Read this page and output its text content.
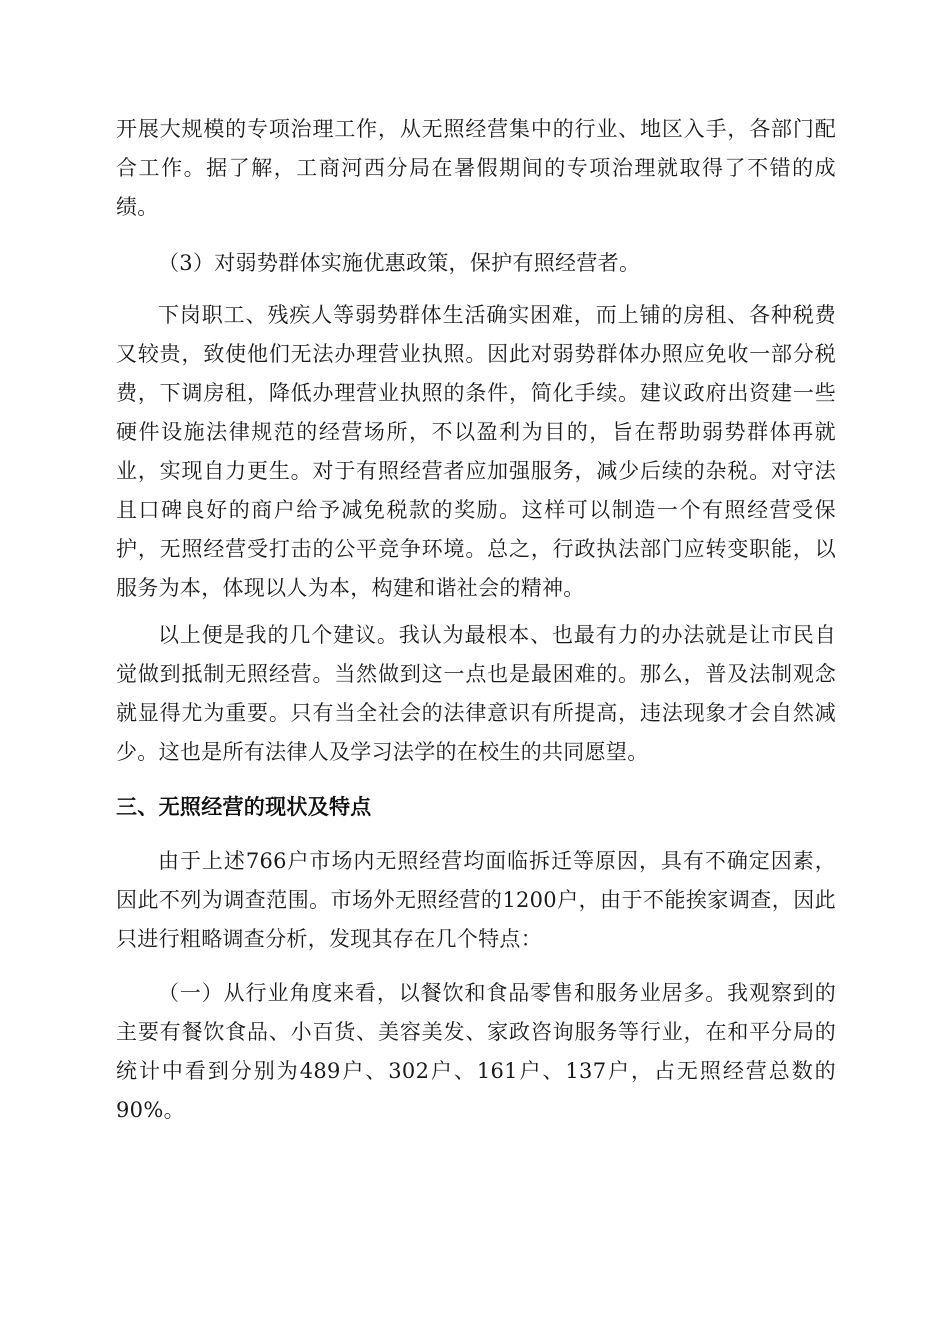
开展大规模的专项治理工作，从无照经营集中的行业、地区入手，各部门配合工作。据了解，工商河西分局在暑假期间的专项治理就取得了不错的成绩。

（3）对弱势群体实施优惠政策，保护有照经营者。

下岗职工、残疾人等弱势群体生活确实困难，而上铺的房租、各种税费又较贵，致使他们无法办理营业执照。因此对弱势群体办照应免收一部分税费，下调房租，降低办理营业执照的条件，简化手续。建议政府出资建一些硬件设施法律规范的经营场所，不以盈利为目的，旨在帮助弱势群体再就业，实现自力更生。对于有照经营者应加强服务，减少后续的杂税。对守法且口碑良好的商户给予减免税款的奖励。这样可以制造一个有照经营受保护，无照经营受打击的公平竞争环境。总之，行政执法部门应转变职能，以服务为本，体现以人为本，构建和谐社会的精神。

以上便是我的几个建议。我认为最根本、也最有力的办法就是让市民自觉做到抵制无照经营。当然做到这一点也是最困难的。那么，普及法制观念就显得尤为重要。只有当全社会的法律意识有所提高，违法现象才会自然减少。这也是所有法律人及学习法学的在校生的共同愿望。

三、无照经营的现状及特点

由于上述766户市场内无照经营均面临拆迁等原因，具有不确定因素，因此不列为调查范围。市场外无照经营的1200户，由于不能挨家调查，因此只进行粗略调查分析，发现其存在几个特点：

（一）从行业角度来看，以餐饮和食品零售和服务业居多。我观察到的主要有餐饮食品、小百货、美容美发、家政咨询服务等行业，在和平分局的统计中看到分别为489户、302户、161户、137户，占无照经营总数的90%。
